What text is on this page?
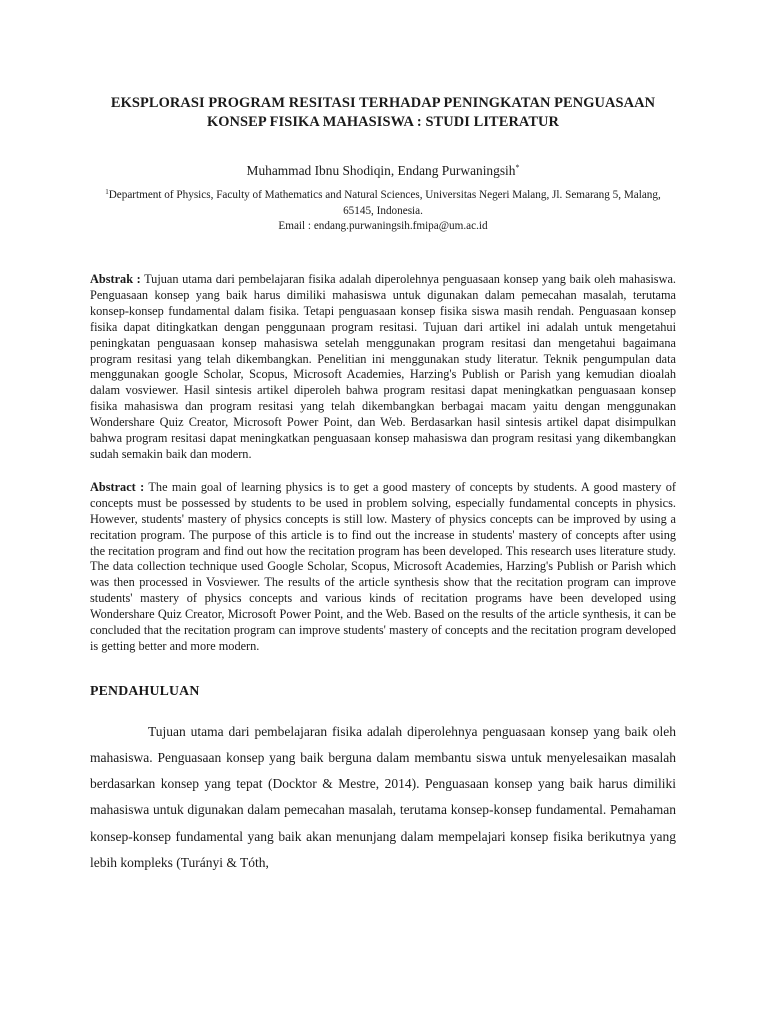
EKSPLORASI PROGRAM RESITASI TERHADAP PENINGKATAN PENGUASAAN
KONSEP FISIKA MAHASISWA : STUDI LITERATUR
Muhammad Ibnu Shodiqin, Endang Purwaningsih*
$^1$Department of Physics, Faculty of Mathematics and Natural Sciences, Universitas Negeri Malang, Jl. Semarang 5, Malang, 65145, Indonesia.
Email : endang.purwaningsih.fmipa@um.ac.id
Abstrak : Tujuan utama dari pembelajaran fisika adalah diperolehnya penguasaan konsep yang baik oleh mahasiswa. Penguasaan konsep yang baik harus dimiliki mahasiswa untuk digunakan dalam pemecahan masalah, terutama konsep-konsep fundamental dalam fisika. Tetapi penguasaan konsep fisika siswa masih rendah. Penguasaan konsep fisika dapat ditingkatkan dengan penggunaan program resitasi. Tujuan dari artikel ini adalah untuk mengetahui peningkatan penguasaan konsep mahasiswa setelah menggunakan program resitasi dan mengetahui bagaimana program resitasi yang telah dikembangkan. Penelitian ini menggunakan study literatur. Teknik pengumpulan data menggunakan google Scholar, Scopus, Microsoft Academies, Harzing's Publish or Parish yang kemudian dioalah dalam vosviewer. Hasil sintesis artikel diperoleh bahwa program resitasi dapat meningkatkan penguasaan konsep fisika mahasiswa dan program resitasi yang telah dikembangkan berbagai macam yaitu dengan menggunakan Wondershare Quiz Creator, Microsoft Power Point, dan Web. Berdasarkan hasil sintesis artikel dapat disimpulkan bahwa program resitasi dapat meningkatkan penguasaan konsep mahasiswa dan program resitasi yang dikembangkan sudah semakin baik dan modern.
Abstract : The main goal of learning physics is to get a good mastery of concepts by students. A good mastery of concepts must be possessed by students to be used in problem solving, especially fundamental concepts in physics. However, students' mastery of physics concepts is still low. Mastery of physics concepts can be improved by using a recitation program. The purpose of this article is to find out the increase in students' mastery of concepts after using the recitation program and find out how the recitation program has been developed. This research uses literature study. The data collection technique used Google Scholar, Scopus, Microsoft Academies, Harzing's Publish or Parish which was then processed in Vosviewer. The results of the article synthesis show that the recitation program can improve students' mastery of physics concepts and various kinds of recitation programs have been developed using Wondershare Quiz Creator, Microsoft Power Point, and the Web. Based on the results of the article synthesis, it can be concluded that the recitation program can improve students' mastery of concepts and the recitation program developed is getting better and more modern.
PENDAHULUAN
Tujuan utama dari pembelajaran fisika adalah diperolehnya penguasaan konsep yang baik oleh mahasiswa. Penguasaan konsep yang baik berguna dalam membantu siswa untuk menyelesaikan masalah berdasarkan konsep yang tepat (Docktor & Mestre, 2014). Penguasaan konsep yang baik harus dimiliki mahasiswa untuk digunakan dalam pemecahan masalah, terutama konsep-konsep fundamental. Pemahaman konsep-konsep fundamental yang baik akan menunjang dalam mempelajari konsep fisika berikutnya yang lebih kompleks (Turányi & Tóth,
